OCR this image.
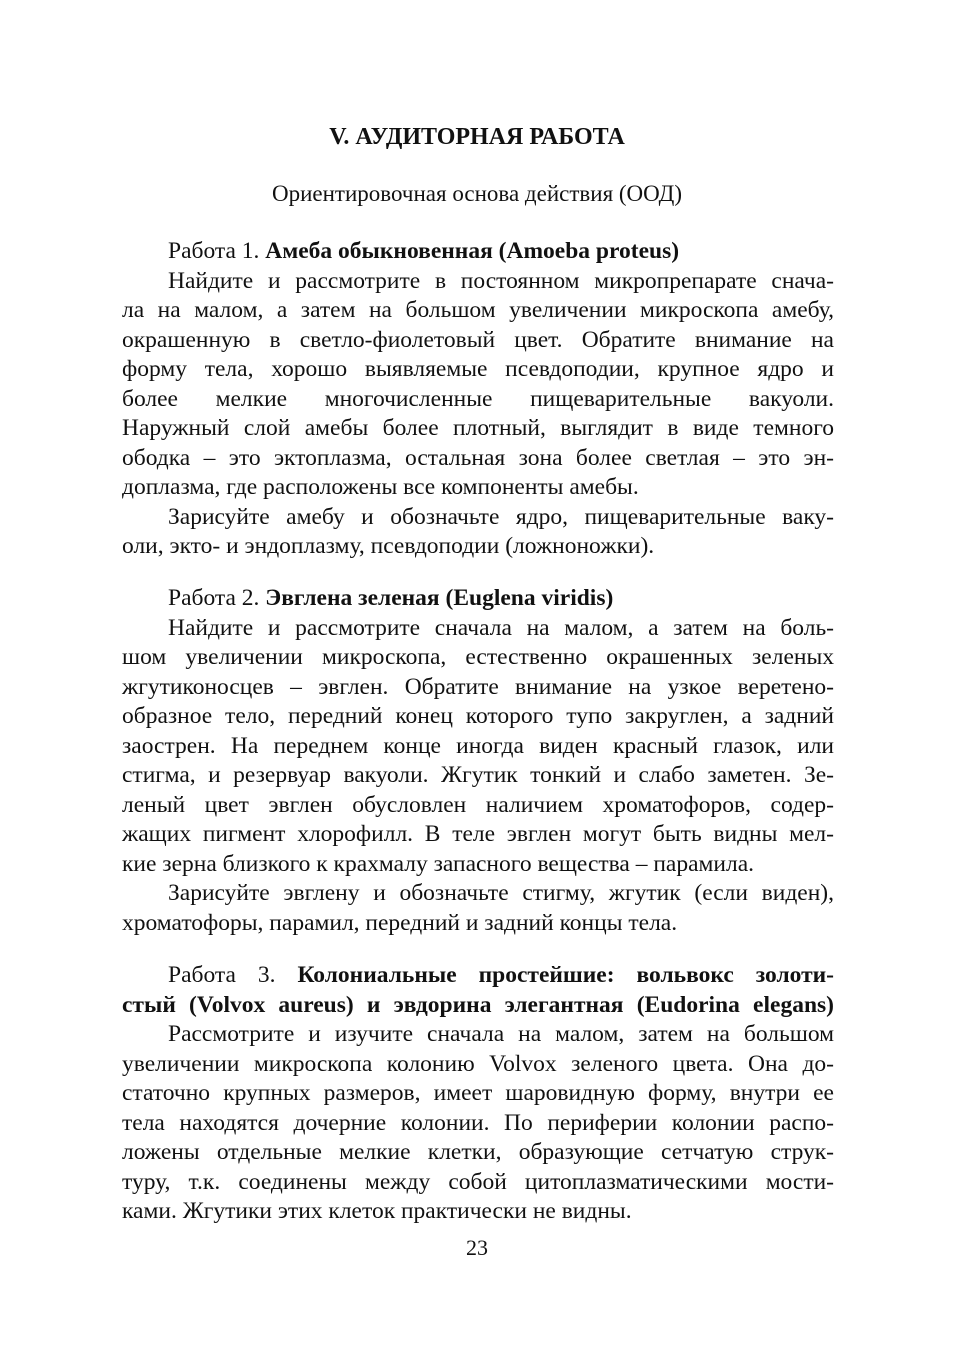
V. АУДИТОРНАЯ РАБОТА
Ориентировочная основа действия (ООД)
Работа 1. Амеба обыкновенная (Amoeba proteus)
Найдите и рассмотрите в постоянном микропрепарате снача-
ла на малом, а затем на большом увеличении микроскопа амебу,
окрашенную в светло-фиолетовый цвет. Обратите внимание на
форму тела, хорошо выявляемые псевдоподии, крупное ядро и
более мелкие многочисленные пищеварительные вакуоли.
Наружный слой амебы более плотный, выглядит в виде темного
ободка – это эктоплазма, остальная зона более светлая – это эн-
доплазма, где расположены все компоненты амебы.
Зарисуйте амебу и обозначьте ядро, пищеварительные ваку-
оли, экто- и эндоплазму, псевдоподии (ложноножки).
Работа 2. Эвглена зеленая (Euglena viridis)
Найдите и рассмотрите сначала на малом, а затем на боль-
шом увеличении микроскопа, естественно окрашенных зеленых
жгутиконосцев – эвглен. Обратите внимание на узкое веретено-
образное тело, передний конец которого тупо закруглен, а задний
заострен. На переднем конце иногда виден красный глазок, или
стигма, и резервуар вакуоли. Жгутик тонкий и слабо заметен. Зе-
леный цвет эвглен обусловлен наличием хроматофоров, содер-
жащих пигмент хлорофилл. В теле эвглен могут быть видны мел-
кие зерна близкого к крахмалу запасного вещества – парамила.
Зарисуйте эвглену и обозначьте стигму, жгутик (если виден),
хроматофоры, парамил, передний и задний концы тела.
Работа 3. Колониальные простейшие: вольвокс золоти-
стый (Volvox aureus) и эвдорина элегантная (Eudorina elegans)
Рассмотрите и изучите сначала на малом, затем на большом
увеличении микроскопа колонию Volvox зеленого цвета. Она до-
статочно крупных размеров, имеет шаровидную форму, внутри ее
тела находятся дочерние колонии. По периферии колонии распо-
ложены отдельные мелкие клетки, образующие сетчатую струк-
туру, т.к. соединены между собой цитоплазматическими мости-
ками. Жгутики этих клеток практически не видны.
23
